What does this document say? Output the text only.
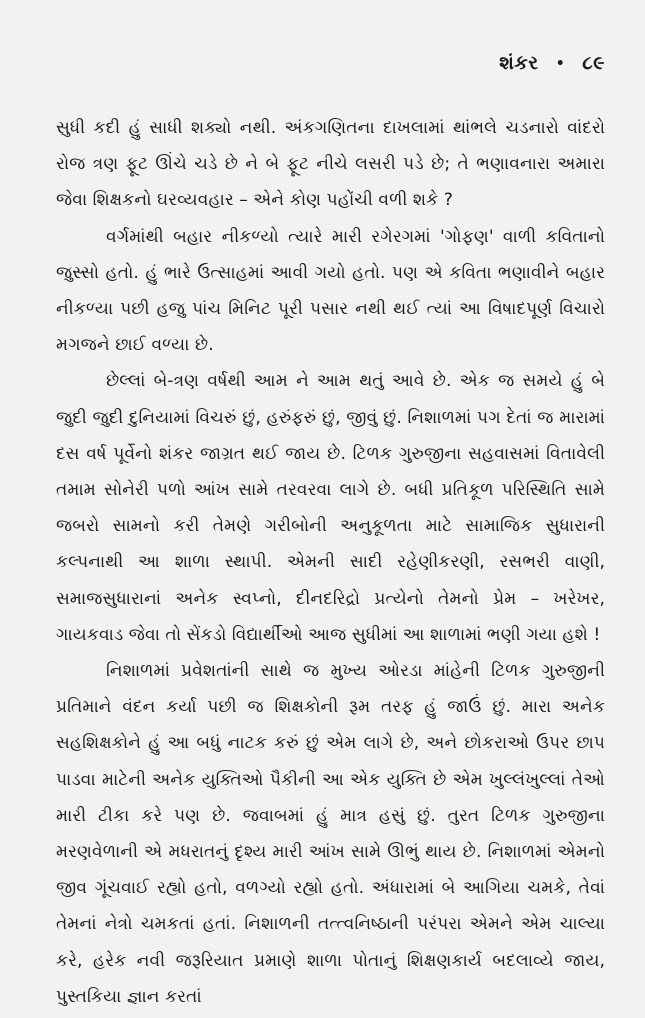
શંકર • ૮૯

સુધી કદી હું સાધી શક્યો નથી. અંકગણિતના દાખલામાં થાંભલે ચડનારો વાંદરો રોજ ત્રણ ફૂટ ઊંચે ચડે છે ને બે ફૂટ નીચે લસરી પડે છે; તે ભણાવનારા અમારા જેવા શિક્ષકનો ઘરવ્યવહાર – એને કોણ પહોંચી વળી શકે ?

વર્ગમાંથી બહાર નીકળ્યો ત્યારે મારી રગેરગમાં 'ગોફણ' વાળી કવિતાનો જુસ્સો હતો. હું ભારે ઉત્સાહમાં આવી ગયો હતો. પણ એ કવિતા ભણાવીને બહાર નીકળ્યા પછી હજુ પાંચ મિનિટ પૂરી પસાર નથી થઈ ત્યાં આ વિષાદપૂર્ણ વિચારો મગજને છાઈ વળ્યા છે.

છેલ્લાં બે-ત્રણ વર્ષથી આમ ને આમ થતું આવે છે. એક જ સમયે હું બે જુદી જુદી દુનિયામાં વિચરું છું, હરુંફરું છું, જીવું છું. નિશાળમાં પગ દેતાં જ મારામાં દસ વર્ષ પૂર્વેનો શંકર જાગ્રત થઈ જાય છે. ટિળક ગુરુજીના સહવાસમાં વિતાવેલી તમામ સોનેરી પળો આંખ સામે તરવરવા લાગે છે. બધી પ્રતિકૂળ પરિસ્થિતિ સામે જબરો સામનો કરી તેમણે ગરીબોની અનુકૂળતા માટે સામાજિક સુધારાની કલ્પનાથી આ શાળા સ્થાપી. એમની સાદી રહેણીકરણી, રસભરી વાણી, સમાજસુધારાનાં અનેક સ્વપ્નો, દીનદરિદ્રો પ્રત્યેનો તેમનો પ્રેમ – ખરેખર, ગાયકવાડ જેવા તો સેંકડો વિદ્યાર્થીઓ આજ સુધીમાં આ શાળામાં ભણી ગયા હશે !

નિશાળમાં પ્રવેશતાંની સાથે જ મુખ્ય ઓરડા માંહેની ટિળક ગુરુજીની પ્રતિમાને વંદન કર્યા પછી જ શિક્ષકોની રૂમ તરફ હું જાઉં છું. મારા અનેક સહશિક્ષકોને હું આ બધું નાટક કરું છું એમ લાગે છે, અને છોકરાઓ ઉપર છાપ પાડવા માટેની અનેક યુક્તિઓ પૈકીની આ એક યુક્તિ છે એમ ખુલ્લંખુલ્લાં તેઓ મારી ટીકા કરે પણ છે. જવાબમાં હું માત્ર હસું છું. તુરત ટિળક ગુરુજીના મરણવેળાની એ મધરાતનું દૃશ્ય મારી આંખ સામે ઊભું થાય છે. નિશાળમાં એમનો જીવ ગૂંચવાઈ રહ્યો હતો, વળગ્યો રહ્યો હતો. અંધારામાં બે આગિયા ચમકે, તેવાં તેમનાં નેત્રો ચમકતાં હતાં. નિશાળની તત્ત્વનિષ્ઠાની પરંપરા એમને એમ ચાલ્યા કરે, હરેક નવી જરૂરિયાત પ્રમાણે શાળા પોતાનું શિક્ષણકાર્ય બદલાવ્યે જાય, પુસ્તકિયા જ્ઞાન કરતાં
